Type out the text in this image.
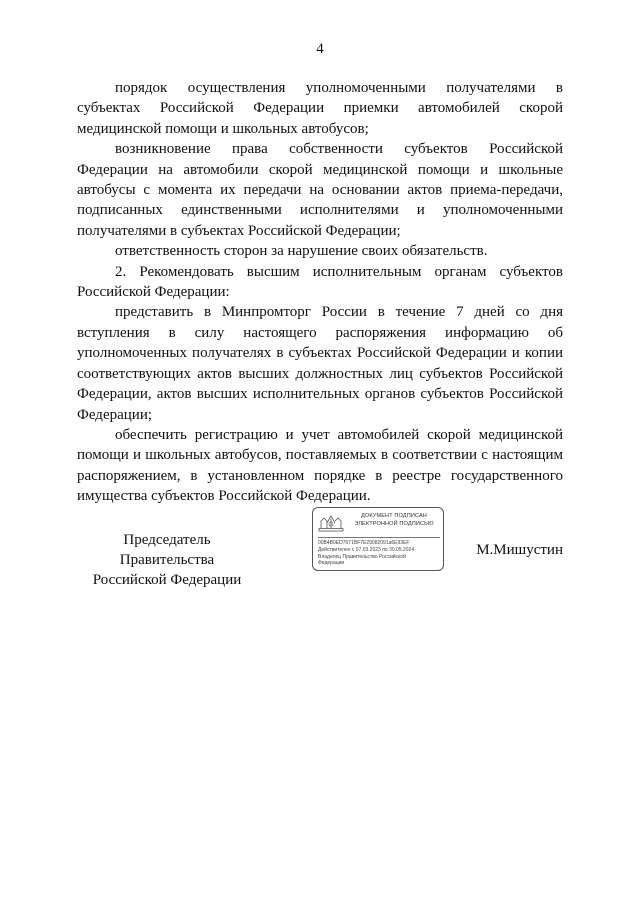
4

порядок осуществления уполномоченными получателями в субъектах Российской Федерации приемки автомобилей скорой медицинской помощи и школьных автобусов;

возникновение права собственности субъектов Российской Федерации на автомобили скорой медицинской помощи и школьные автобусы с момента их передачи на основании актов приема-передачи, подписанных единственными исполнителями и уполномоченными получателями в субъектах Российской Федерации;

ответственность сторон за нарушение своих обязательств.

2. Рекомендовать высшим исполнительным органам субъектов Российской Федерации:

представить в Минпромторг России в течение 7 дней со дня вступления в силу настоящего распоряжения информацию об уполномоченных получателях в субъектах Российской Федерации и копии соответствующих актов высших должностных лиц субъектов Российской Федерации, актов высших исполнительных органов субъектов Российской Федерации;

обеспечить регистрацию и учет автомобилей скорой медицинской помощи и школьных автобусов, поставляемых в соответствии с настоящим распоряжением, в установленном порядке в реестре государственного имущества субъектов Российской Федерации.

Председатель Правительства
Российской Федерации
ДОКУМЕНТ ПОДПИСАН
ЭЛЕКТРОННОЙ ПОДПИСЬЮ
00B4B0ED7671BF7E29082091a6E93EF
Действителен с 07.03.2023 по 30.05.2024
Владелец Правительство Российской
Федерации
М.Мишустин
